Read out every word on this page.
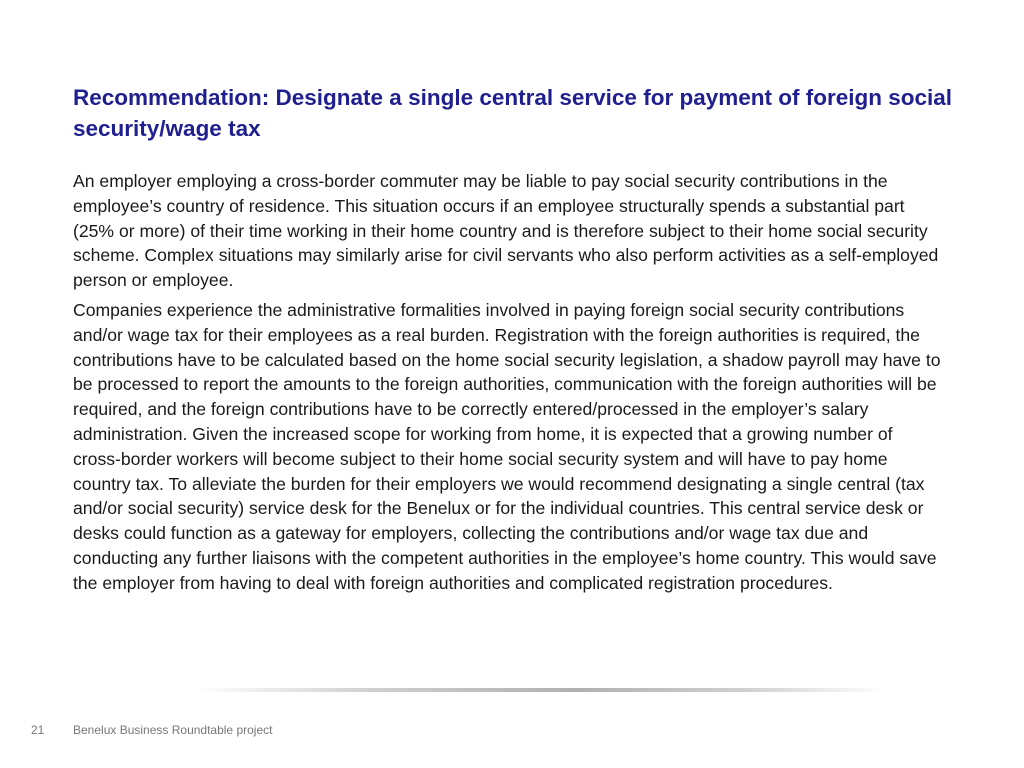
Recommendation: Designate a single central service for payment of foreign social security/wage tax

An employer employing a cross-border commuter may be liable to pay social security contributions in the employee’s country of residence. This situation occurs if an employee structurally spends a substantial part (25% or more) of their time working in their home country and is therefore subject to their home social security scheme. Complex situations may similarly arise for civil servants who also perform activities as a self-employed person or employee.

Companies experience the administrative formalities involved in paying foreign social security contributions and/or wage tax for their employees as a real burden. Registration with the foreign authorities is required, the contributions have to be calculated based on the home social security legislation, a shadow payroll may have to be processed to report the amounts to the foreign authorities, communication with the foreign authorities will be required, and the foreign contributions have to be correctly entered/processed in the employer’s salary administration. Given the increased scope for working from home, it is expected that a growing number of cross-border workers will become subject to their home social security system and will have to pay home country tax. To alleviate the burden for their employers we would recommend designating a single central (tax and/or social security) service desk for the Benelux or for the individual countries. This central service desk or desks could function as a gateway for employers, collecting the contributions and/or wage tax due and conducting any further liaisons with the competent authorities in the employee’s home country. This would save the employer from having to deal with foreign authorities and complicated registration procedures.

21 Benelux Business Roundtable project
